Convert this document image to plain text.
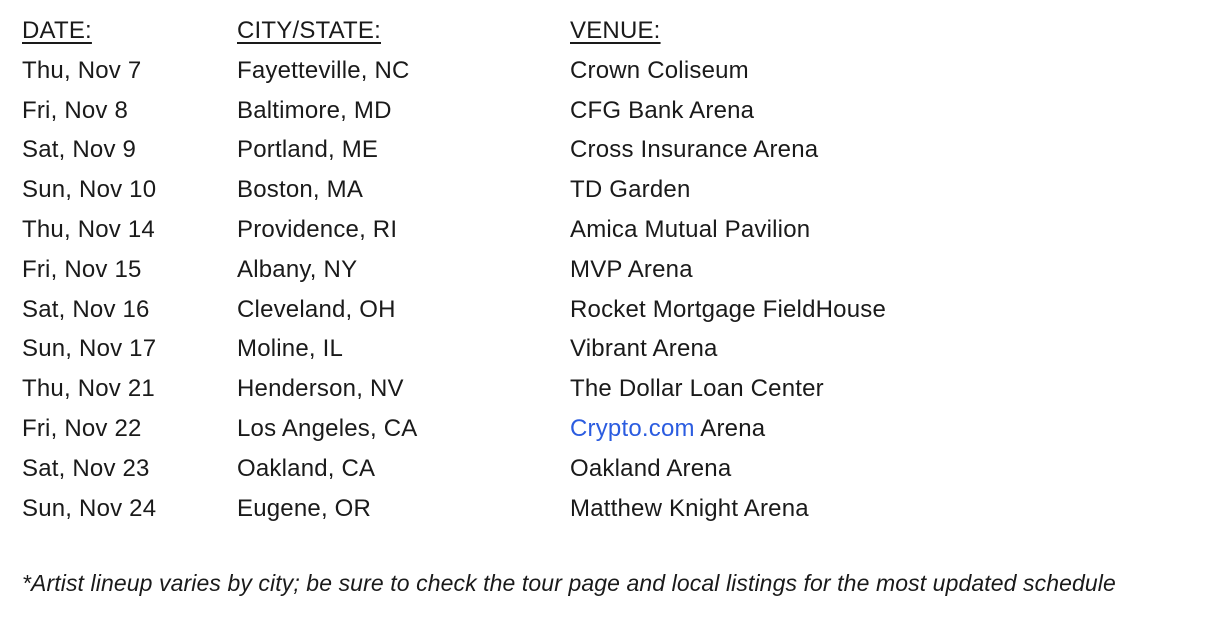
DATE:	CITY/STATE:	VENUE:
Thu, Nov 7	Fayetteville, NC	Crown Coliseum
Fri, Nov 8	Baltimore, MD	CFG Bank Arena
Sat, Nov 9	Portland, ME	Cross Insurance Arena
Sun, Nov 10	Boston, MA	TD Garden
Thu, Nov 14	Providence, RI	Amica Mutual Pavilion
Fri, Nov 15	Albany, NY	MVP Arena
Sat, Nov 16	Cleveland, OH	Rocket Mortgage FieldHouse
Sun, Nov 17	Moline, IL	Vibrant Arena
Thu, Nov 21	Henderson, NV	The Dollar Loan Center
Fri, Nov 22	Los Angeles, CA	Crypto.com Arena
Sat, Nov 23	Oakland, CA	Oakland Arena
Sun, Nov 24	Eugene, OR	Matthew Knight Arena
*Artist lineup varies by city; be sure to check the tour page and local listings for the most updated schedule
